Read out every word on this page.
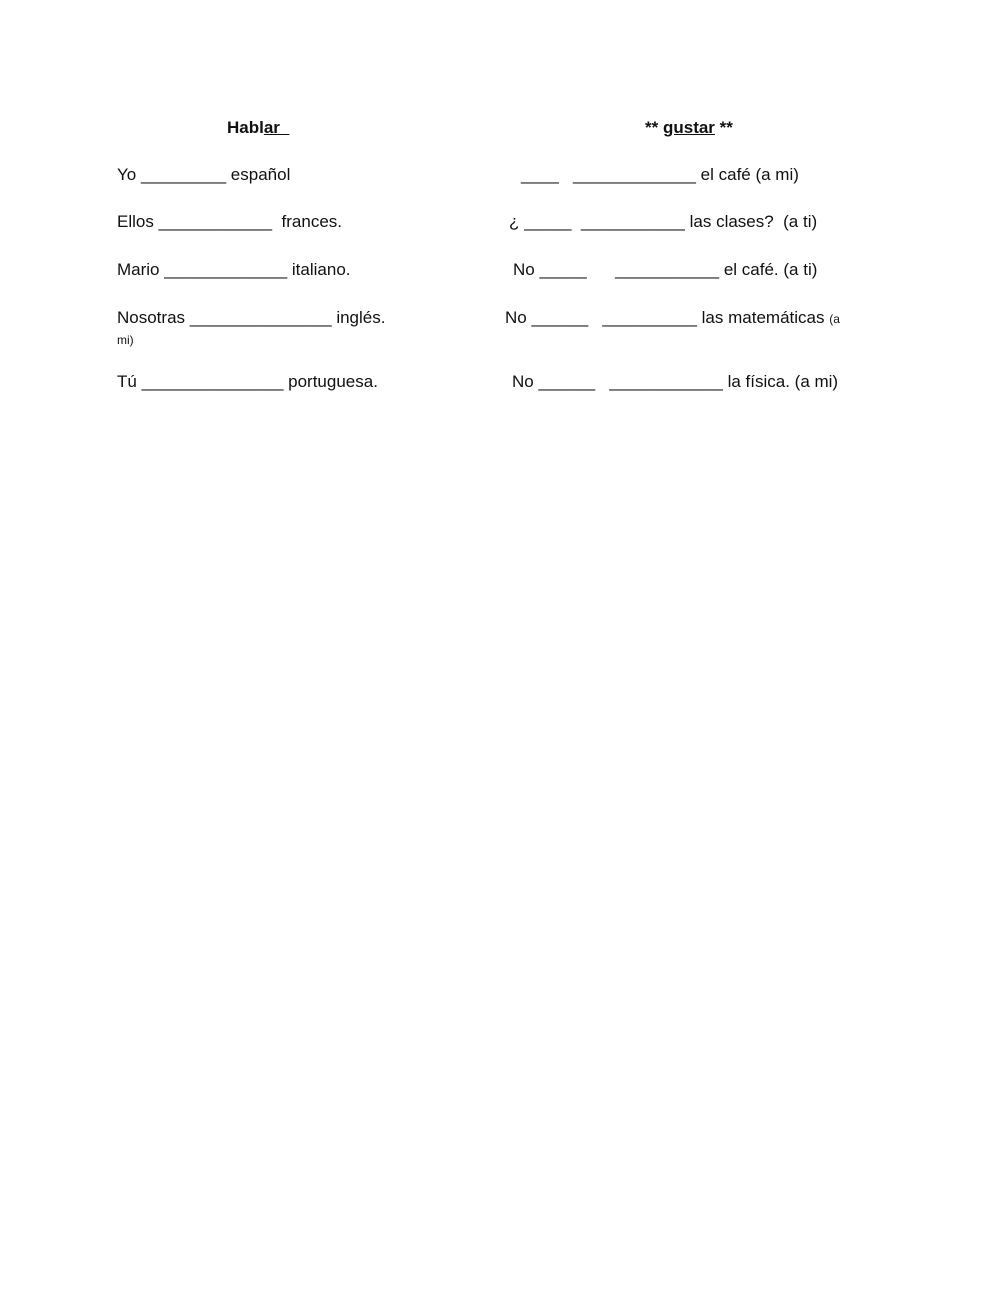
Hablar	** gustar **
Yo _________ español
Ellos ____________  frances.
Mario _____________ italiano.
Nosotras _______________ inglés.
Tú _______________ portuguesa.
____ _____________ el café (a mi)
¿ _____ ___________ las clases?  (a ti)
No _____ ___________ el café. (a ti)
No ______ __________ las matemáticas (a
mi)
No ______ ____________ la física. (a mi)
